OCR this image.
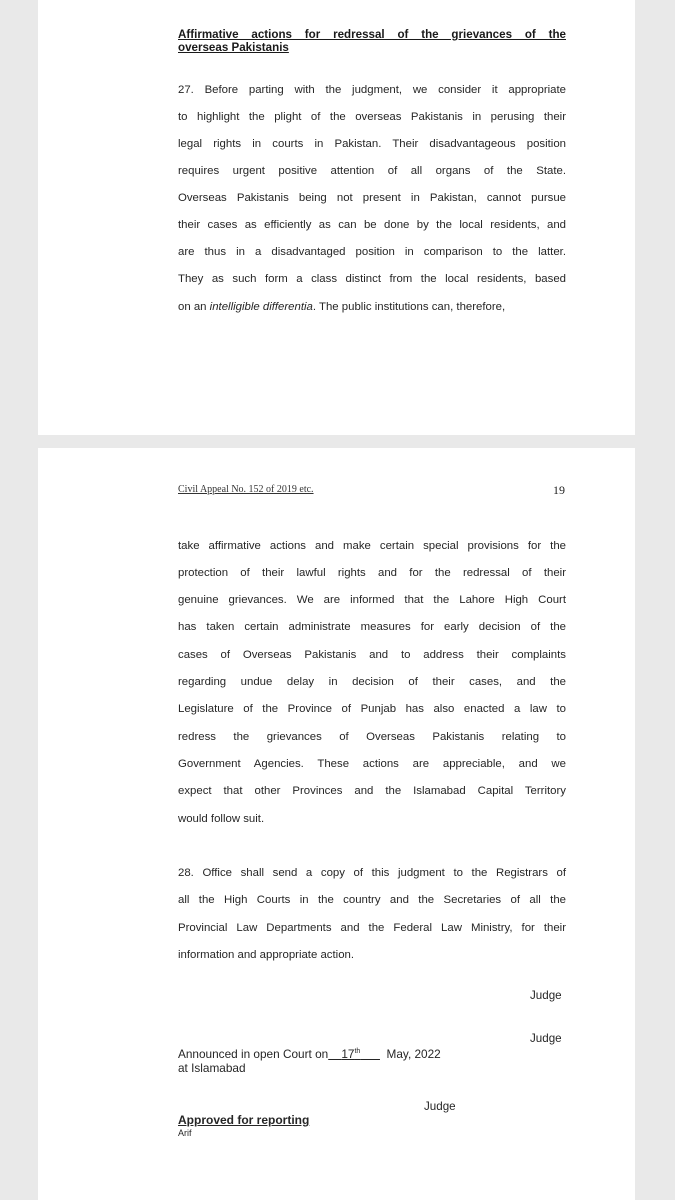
Affirmative actions for redressal of the grievances of the
overseas Pakistanis
27. Before parting with the judgment, we consider it appropriate
to highlight the plight of the overseas Pakistanis in perusing their
legal rights in courts in Pakistan. Their disadvantageous position
requires urgent positive attention of all organs of the State.
Overseas Pakistanis being not present in Pakistan, cannot pursue
their cases as efficiently as can be done by the local residents, and
are thus in a disadvantaged position in comparison to the latter.
They as such form a class distinct from the local residents, based
on an intelligible differentia. The public institutions can, therefore,
Civil Appeal No. 152 of 2019 etc.	19
take affirmative actions and make certain special provisions for the
protection of their lawful rights and for the redressal of their
genuine grievances. We are informed that the Lahore High Court
has taken certain administrate measures for early decision of the
cases of Overseas Pakistanis and to address their complaints
regarding undue delay in decision of their cases, and the
Legislature of the Province of Punjab has also enacted a law to
redress the grievances of Overseas Pakistanis relating to
Government Agencies. These actions are appreciable, and we
expect that other Provinces and the Islamabad Capital Territory
would follow suit.
28. Office shall send a copy of this judgment to the Registrars of
all the High Courts in the country and the Secretaries of all the
Provincial Law Departments and the Federal Law Ministry, for their
information and appropriate action.
Judge
Judge
Announced in open Court on 17th May, 2022
at Islamabad
Judge
Approved for reporting
Arif
